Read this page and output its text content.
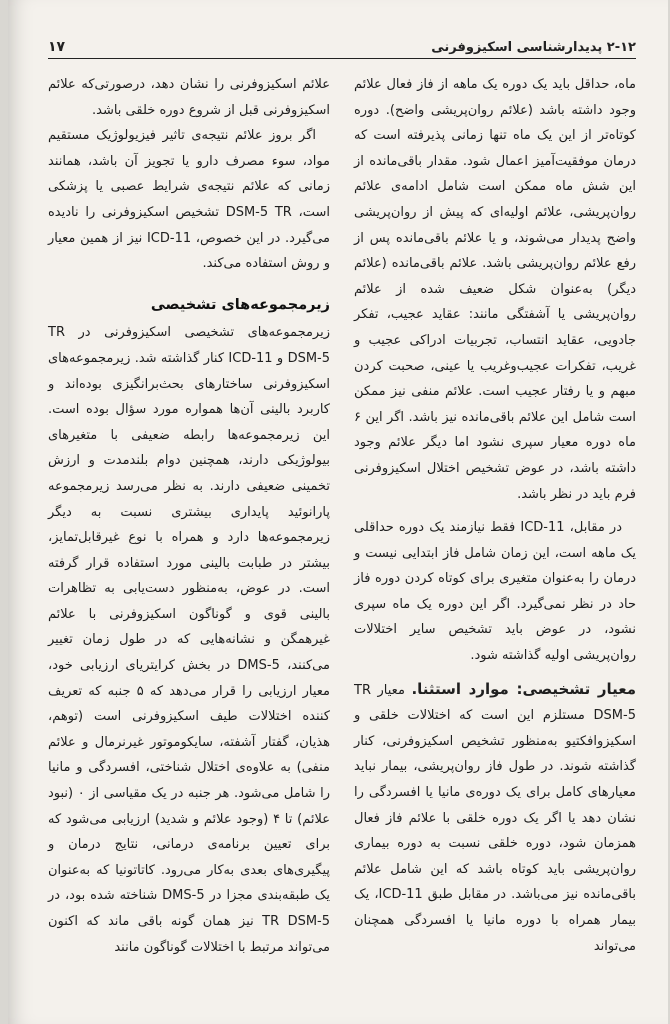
۲-۱۲ پدیدارشناسی اسکیزوفرنی
۱۷

ماه، حداقل باید یک دوره یک ماهه از فاز فعال علائم وجود داشته باشد (علائم روان‌پریشی واضح). دوره کوتاه‌تر از این یک ماه تنها زمانی پذیرفته است که درمان موفقیت‌آمیز اعمال شود. مقدار باقی‌مانده از این شش ماه ممکن است شامل ادامه‌ی علائم روان‌پریشی، علائم اولیه‌ای که پیش از روان‌پریشی واضح پدیدار می‌شوند، و یا علائم باقی‌مانده پس از رفع علائم روان‌پریشی باشد. علائم باقی‌مانده (علائم دیگر) به‌عنوان شکل ضعیف شده از علائم روان‌پریشی یا آشفتگی مانند: عقاید عجیب، تفکر جادویی، عقاید انتساب، تجربیات ادراکی عجیب و غریب، تفکرات عجیب‌وغریب یا عینی، صحبت کردن مبهم و یا رفتار عجیب است. علائم منفی نیز ممکن است شامل این علائم باقی‌مانده نیز باشد. اگر این ۶ ماه دوره معیار سپری نشود اما دیگر علائم وجود داشته باشد، در عوض تشخیص اختلال اسکیزوفرنی فرم باید در نظر باشد.

در مقابل، ICD-11 فقط نیازمند یک دوره حداقلی یک ماهه است، این زمان شامل فاز ابتدایی نیست و درمان را به‌عنوان متغیری برای کوتاه کردن دوره فاز حاد در نظر نمی‌گیرد. اگر این دوره یک ماه سپری نشود، در عوض باید تشخیص سایر اختلالات روان‌پریشی اولیه گذاشته شود.

معیار تشخیصی: موارد استثنا. معیار TR DSM-5 مستلزم این است که اختلالات خلقی و اسکیزوافکتیو به‌منظور تشخیص اسکیزوفرنی، کنار گذاشته شوند. در طول فاز روان‌پریشی، بیمار نباید معیارهای کامل برای یک دوره‌ی مانیا یا افسردگی را نشان دهد یا اگر یک دوره خلقی با علائم فاز فعال همزمان شود، دوره خلقی نسبت به دوره بیماری روان‌پریشی باید کوتاه باشد که این شامل علائم باقی‌مانده نیز می‌باشد. در مقابل طبق ICD-11، یک بیمار همراه با دوره مانیا یا افسردگی همچنان می‌تواند

علائم اسکیزوفرنی را نشان دهد، درصورتی‌که علائم اسکیزوفرنی قبل از شروع دوره خلقی باشد.

اگر بروز علائم نتیجه‌ی تاثیر فیزیولوژیک مستقیم مواد، سوء مصرف دارو یا تجویز آن باشد، همانند زمانی که علائم نتیجه‌ی شرایط عصبی یا پزشکی است، DSM-5 TR تشخیص اسکیزوفرنی را نادیده می‌گیرد. در این خصوص، ICD-11 نیز از همین معیار و روش استفاده می‌کند.

زیرمجموعه‌های تشخیصی

زیرمجموعه‌های تشخیصی اسکیزوفرنی در TR DSM-5 و ICD-11 کنار گذاشته شد. زیرمجموعه‌های اسکیزوفرنی ساختارهای بحث‌برانگیزی بوده‌اند و کاربرد بالینی آن‌ها همواره مورد سؤال بوده است. این زیرمجموعه‌ها رابطه ضعیفی با متغیرهای بیولوژیکی دارند، همچنین دوام بلندمدت و ارزش تخمینی ضعیفی دارند. به نظر می‌رسد زیرمجموعه پارانوئید پایداری بیشتری نسبت به دیگر زیرمجموعه‌ها دارد و همراه با نوع غیرقابل‌تمایز، بیشتر در طبابت بالینی مورد استفاده قرار گرفته است. در عوض، به‌منظور دست‌یابی به تظاهرات بالینی قوی و گوناگون اسکیزوفرنی با علائم غیرهمگن و نشانه‌هایی که در طول زمان تغییر می‌کنند، DMS-5 در بخش کرایتریای ارزیابی خود، معیار ارزیابی را قرار می‌دهد که ۵ جنبه که تعریف کننده اختلالات طیف اسکیزوفرنی است (توهم، هذیان، گفتار آشفته، سایکوموتور غیرنرمال و علائم منفی) به علاوه‌ی اختلال شناختی، افسردگی و مانیا را شامل می‌شود. هر جنبه در یک مقیاسی از ۰ (نبود علائم) تا ۴ (وجود علائم و شدید) ارزیابی می‌شود که برای تعیین برنامه‌ی درمانی، نتایج درمان و پیگیری‌های بعدی به‌کار می‌رود. کاتاتونیا که به‌عنوان یک طبقه‌بندی مجزا در DMS-5 شناخته شده بود، در TR DSM-5 نیز همان گونه باقی ماند که اکنون می‌تواند مرتبط با اختلالات گوناگون مانند
